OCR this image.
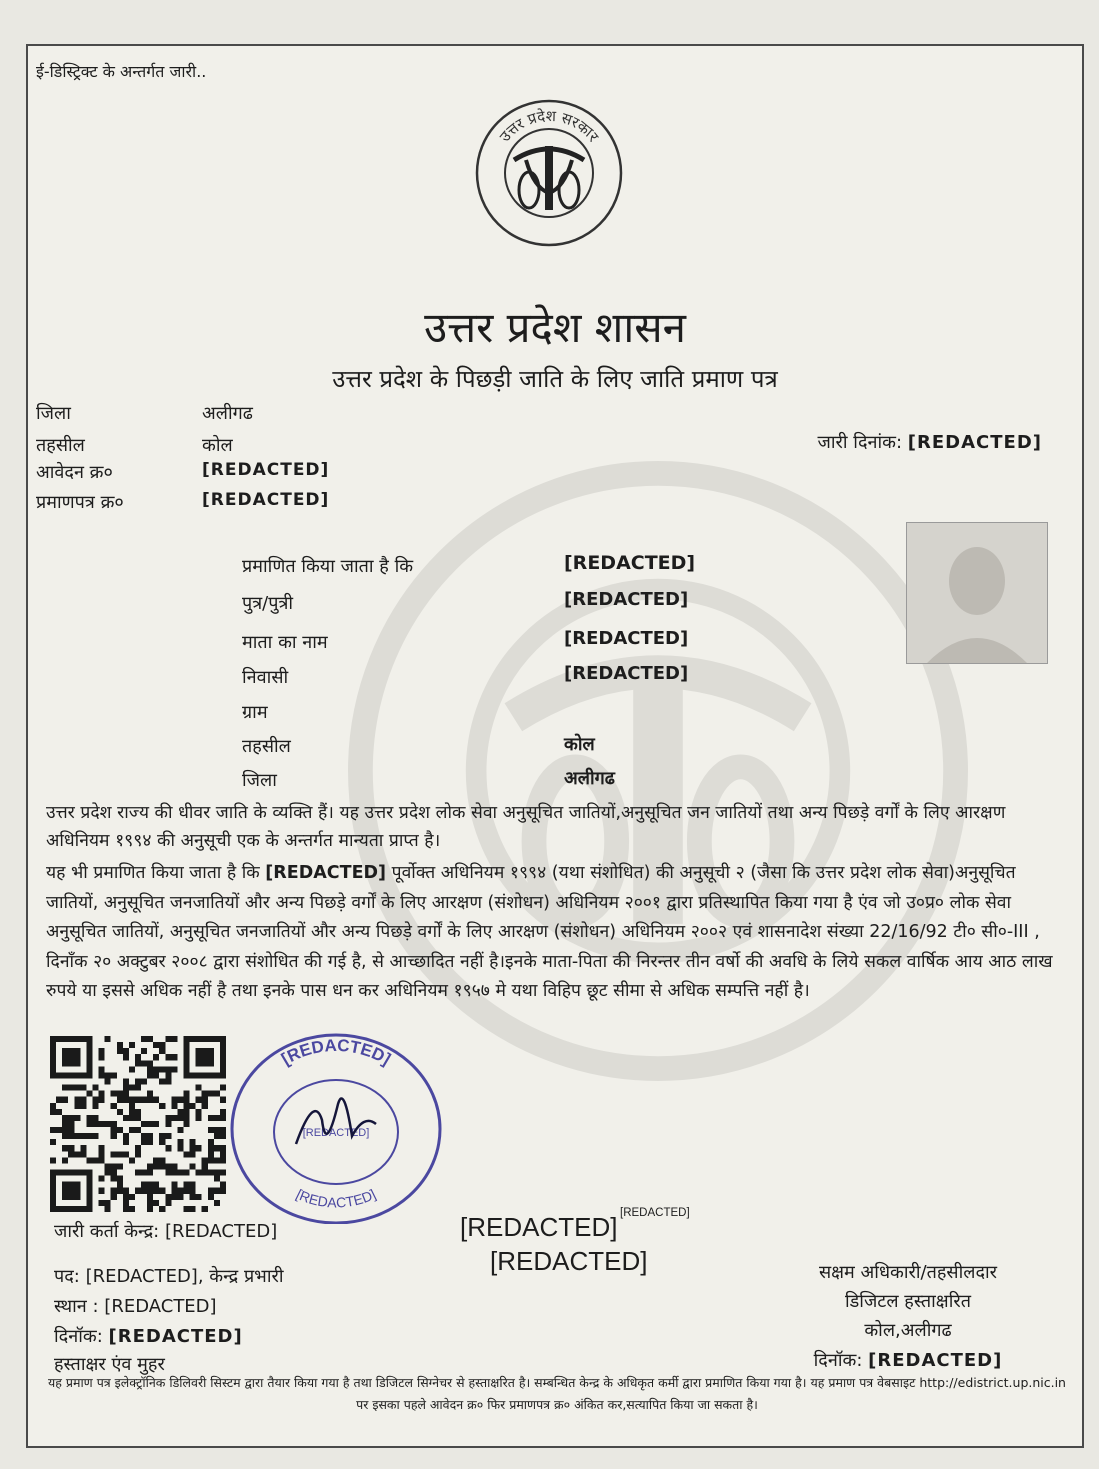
ई-डिस्ट्रिक्ट के अन्तर्गत जारी..
उत्तर प्रदेश सरकार
उत्तर प्रदेश शासन
उत्तर प्रदेश के पिछड़ी जाति के लिए जाति प्रमाण पत्र
जिला	अलीगढ
तहसील	कोल
आवेदन क्र०	[REDACTED]
प्रमाणपत्र क्र०	[REDACTED]
जारी दिनांक: [REDACTED]
प्रमाणित किया जाता है कि	[REDACTED]
पुत्र/पुत्री	[REDACTED]
माता का नाम	[REDACTED]
निवासी	[REDACTED]
ग्राम
तहसील	कोल
जिला	अलीगढ
उत्तर प्रदेश राज्य की धीवर जाति के व्यक्ति हैं। यह उत्तर प्रदेश लोक सेवा अनुसूचित जातियों,अनुसूचित जन जातियों तथा अन्य पिछड़े वर्गों के लिए आरक्षण अधिनियम १९९४ की अनुसूची एक के अन्तर्गत मान्यता प्राप्त है।
यह भी प्रमाणित किया जाता है कि [REDACTED] पूर्वोक्त अधिनियम १९९४ (यथा संशोधित) की अनुसूची २ (जैसा कि उत्तर प्रदेश लोक सेवा)अनुसूचित जातियों, अनुसूचित जनजातियों और अन्य पिछड़े वर्गों के लिए आरक्षण (संशोधन) अधिनियम २००१ द्वारा प्रतिस्थापित किया गया है एंव जो उ०प्र० लोक सेवा अनुसूचित जातियों, अनुसूचित जनजातियों और अन्य पिछड़े वर्गों के लिए आरक्षण (संशोधन) अधिनियम २००२ एवं शासनादेश संख्या 22/16/92 टी० सी०-III , दिनाँक २० अक्टुबर २००८ द्वारा संशोधित की गई है, से आच्छादित नहीं है।इनके माता-पिता की निरन्तर तीन वर्षो की अवधि के लिये सकल वार्षिक आय आठ लाख रुपये या इससे अधिक नहीं है तथा इनके पास धन कर अधिनियम १९५७ मे यथा विहिप छूट सीमा से अधिक सम्पत्ति नहीं है।
[REDACTED]
[REDACTED]
[REDACTED]
जारी कर्ता केन्द्र: [REDACTED]
पद: [REDACTED], केन्द्र प्रभारी
स्थान : [REDACTED]
दिनॉक: [REDACTED]
हस्ताक्षर एंव मुहर
[REDACTED]
[REDACTED]
[REDACTED]
सक्षम अधिकारी/तहसीलदार
डिजिटल हस्ताक्षरित
कोल,अलीगढ
दिनॉक: [REDACTED]
यह प्रमाण पत्र इलेक्ट्रॉनिक डिलिवरी सिस्टम द्वारा तैयार किया गया है तथा डिजिटल सिग्नेचर से हस्ताक्षरित है। सम्बन्धित केन्द्र के अधिकृत कर्मी द्वारा प्रमाणित किया गया है। यह प्रमाण पत्र वेबसाइट http://edistrict.up.nic.in पर इसका पहले आवेदन क्र० फिर प्रमाणपत्र क्र० अंकित कर,सत्यापित किया जा सकता है।
